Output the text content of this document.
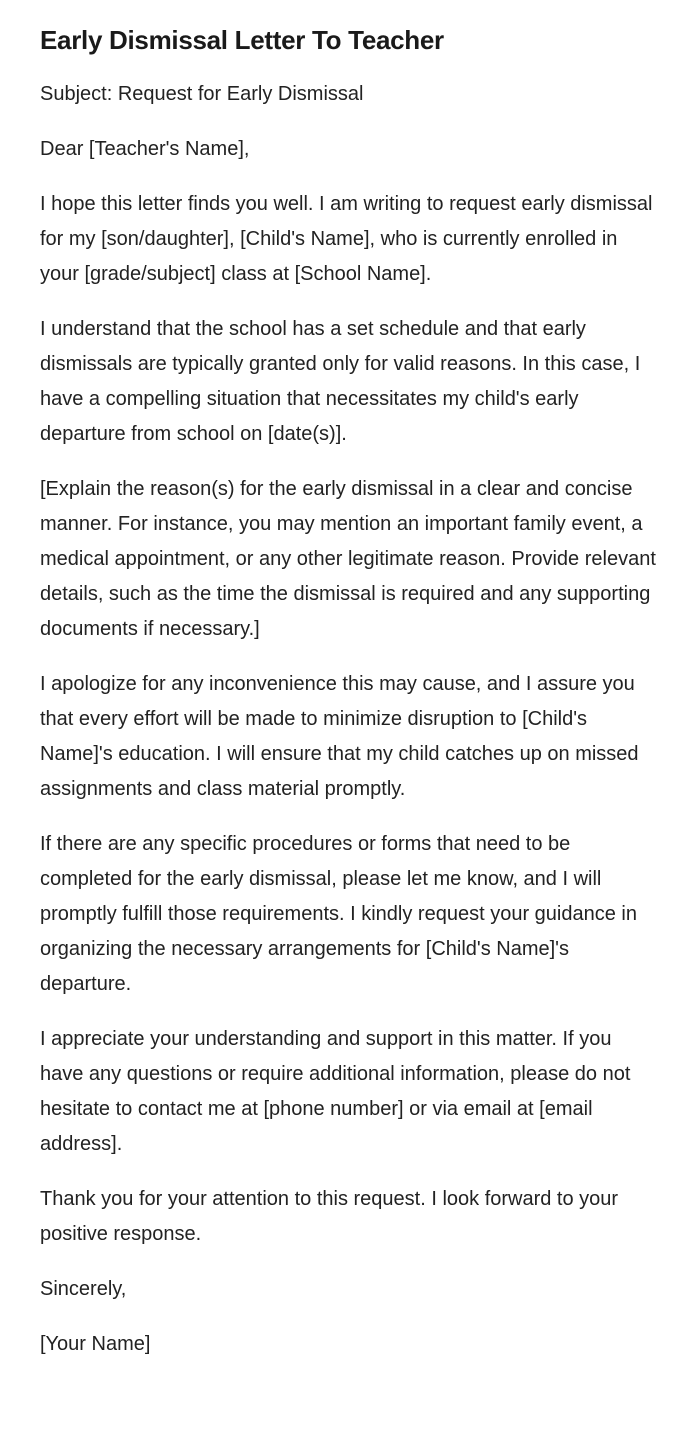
Early Dismissal Letter To Teacher

Subject: Request for Early Dismissal

Dear [Teacher's Name],

I hope this letter finds you well. I am writing to request early dismissal for my [son/daughter], [Child's Name], who is currently enrolled in your [grade/subject] class at [School Name].

I understand that the school has a set schedule and that early dismissals are typically granted only for valid reasons. In this case, I have a compelling situation that necessitates my child's early departure from school on [date(s)].

[Explain the reason(s) for the early dismissal in a clear and concise manner. For instance, you may mention an important family event, a medical appointment, or any other legitimate reason. Provide relevant details, such as the time the dismissal is required and any supporting documents if necessary.]

I apologize for any inconvenience this may cause, and I assure you that every effort will be made to minimize disruption to [Child's Name]'s education. I will ensure that my child catches up on missed assignments and class material promptly.

If there are any specific procedures or forms that need to be completed for the early dismissal, please let me know, and I will promptly fulfill those requirements. I kindly request your guidance in organizing the necessary arrangements for [Child's Name]'s departure.

I appreciate your understanding and support in this matter. If you have any questions or require additional information, please do not hesitate to contact me at [phone number] or via email at [email address].

Thank you for your attention to this request. I look forward to your positive response.

Sincerely,

[Your Name]
